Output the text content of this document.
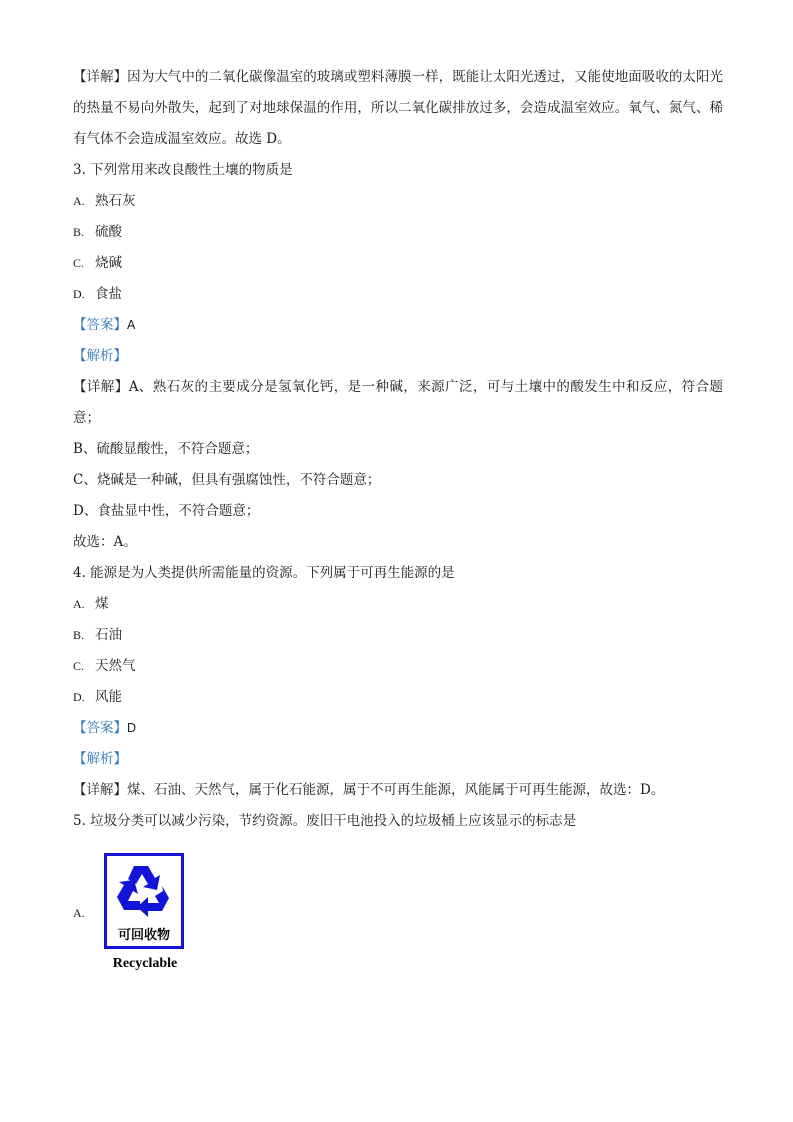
【详解】因为大气中的二氧化碳像温室的玻璃或塑料薄膜一样，既能让太阳光透过，又能使地面吸收的太阳光的热量不易向外散失，起到了对地球保温的作用，所以二氧化碳排放过多，会造成温室效应。氧气、氮气、稀有气体不会造成温室效应。故选 D。
3. 下列常用来改良酸性土壤的物质是
A. 熟石灰
B. 硫酸
C. 烧碱
D. 食盐
【答案】A
【解析】
【详解】A、熟石灰的主要成分是氢氧化钙，是一种碱，来源广泛，可与土壤中的酸发生中和反应，符合题意；
B、硫酸显酸性，不符合题意；
C、烧碱是一种碱，但具有强腐蚀性，不符合题意；
D、食盐显中性，不符合题意；
故选：A。
4. 能源是为人类提供所需能量的资源。下列属于可再生能源的是
A. 煤
B. 石油
C. 天然气
D. 风能
【答案】D
【解析】
【详解】煤、石油、天然气，属于化石能源，属于不可再生能源，风能属于可再生能源，故选：D。
5. 垃圾分类可以减少污染，节约资源。废旧干电池投入的垃圾桶上应该显示的标志是
A.
可回收物
Recyclable
